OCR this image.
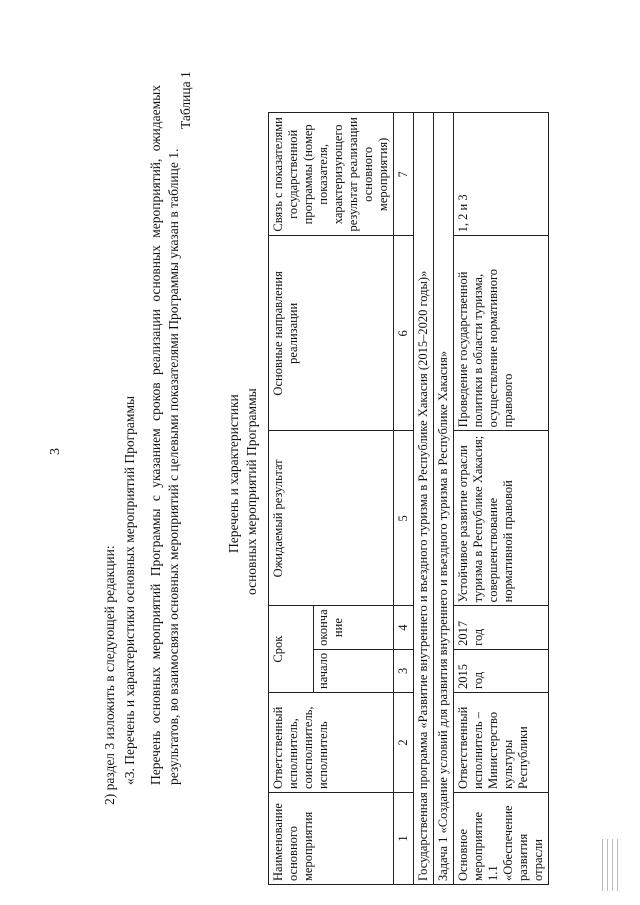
3
2) раздел 3 изложить в следующей редакции: «3. Перечень и характеристики основных мероприятий Программы Перечень основных мероприятий Программы с указанием сроков реализации основных мероприятий, ожидаемых результатов, во взаимосвязи основных мероприятий с целевыми показателями Программы указан в таблице 1.
Таблица 1
Перечень и характеристики основных мероприятий Программы
Наименование основного мероприятия	Ответственный исполнитель, соисполнитель, исполнитель	Срок		Ожидаемый результат	Основные направления реализации	Связь с показателями государственной программы (номер показателя, характеризующего результат реализации основного мероприятия)
		начало	оконча ние			
1	2	3	4	5	6	7
Государственная программа «Развитие внутреннего и въездного туризма в Республике Хакасия (2015–2020 годы)»						
Задача 1 «Создание условий для развития внутреннего и въездного туризма в Республике Хакасия»						
Основное мероприятие 1.1 «Обеспечение развития отрасли	Ответственный исполнитель – Министерство культуры Республики	2015 год	2017 год	Устойчивое развитие отрасли туризма в Республике Хакасия; совершенствование нормативной правовой	Проведение государственной политики в области туризма, осуществление нормативного правового	1, 2 и 3
